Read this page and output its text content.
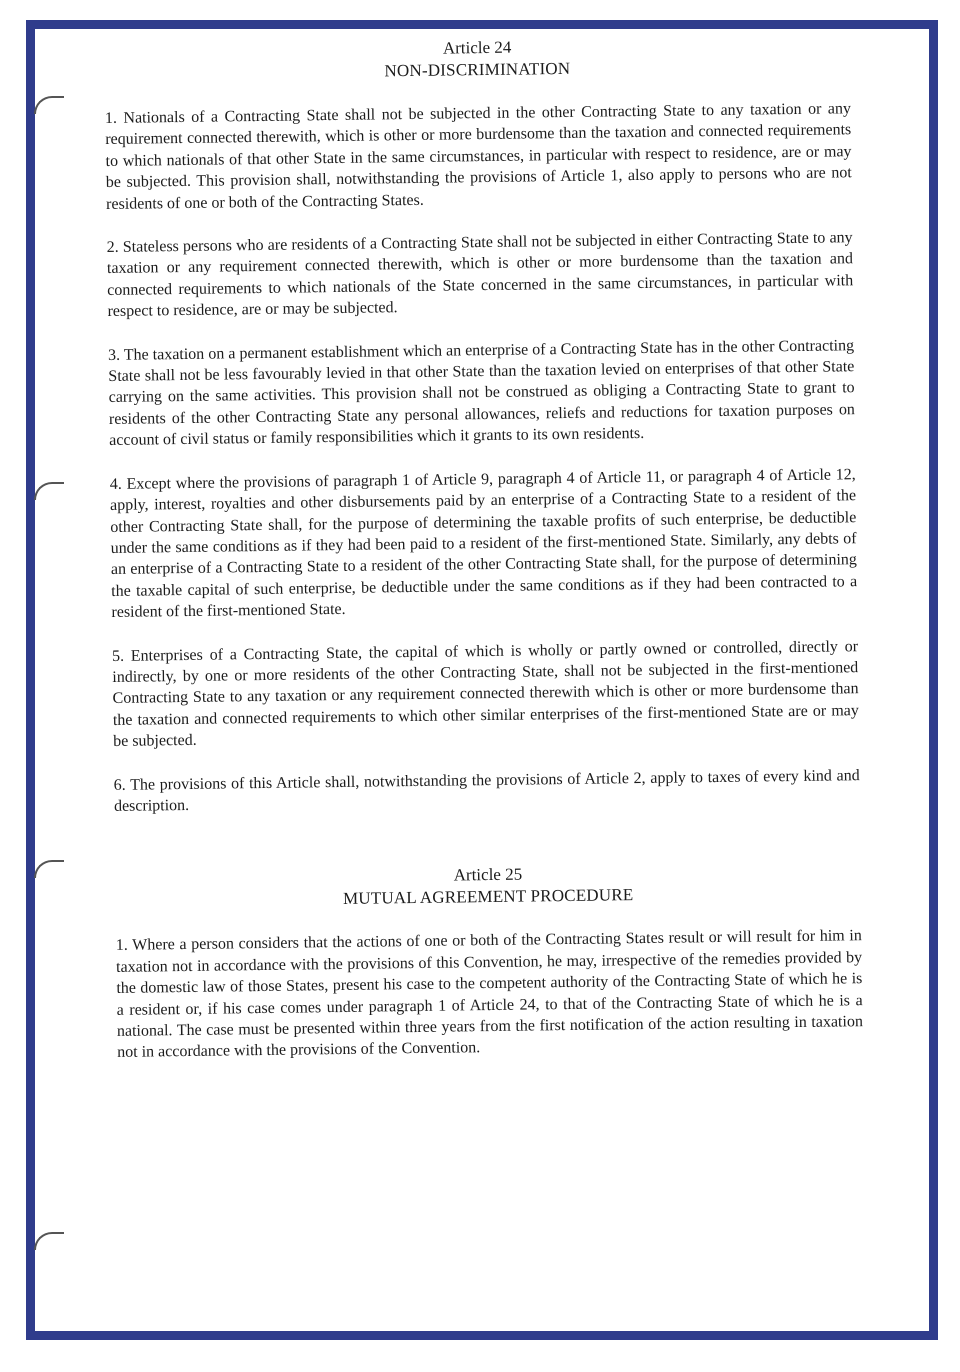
Article 24
NON-DISCRIMINATION

1. Nationals of a Contracting State shall not be subjected in the other Contracting State to any taxation or any requirement connected therewith, which is other or more burdensome than the taxation and connected requirements to which nationals of that other State in the same circumstances, in particular with respect to residence, are or may be subjected. This provision shall, notwithstanding the provisions of Article 1, also apply to persons who are not residents of one or both of the Contracting States.

2. Stateless persons who are residents of a Contracting State shall not be subjected in either Contracting State to any taxation or any requirement connected therewith, which is other or more burdensome than the taxation and connected requirements to which nationals of the State concerned in the same circumstances, in particular with respect to residence, are or may be subjected.

3. The taxation on a permanent establishment which an enterprise of a Contracting State has in the other Contracting State shall not be less favourably levied in that other State than the taxation levied on enterprises of that other State carrying on the same activities. This provision shall not be construed as obliging a Contracting State to grant to residents of the other Contracting State any personal allowances, reliefs and reductions for taxation purposes on account of civil status or family responsibilities which it grants to its own residents.

4. Except where the provisions of paragraph 1 of Article 9, paragraph 4 of Article 11, or paragraph 4 of Article 12, apply, interest, royalties and other disbursements paid by an enterprise of a Contracting State to a resident of the other Contracting State shall, for the purpose of determining the taxable profits of such enterprise, be deductible under the same conditions as if they had been paid to a resident of the first-mentioned State. Similarly, any debts of an enterprise of a Contracting State to a resident of the other Contracting State shall, for the purpose of determining the taxable capital of such enterprise, be deductible under the same conditions as if they had been contracted to a resident of the first-mentioned State.

5. Enterprises of a Contracting State, the capital of which is wholly or partly owned or controlled, directly or indirectly, by one or more residents of the other Contracting State, shall not be subjected in the first-mentioned Contracting State to any taxation or any requirement connected therewith which is other or more burdensome than the taxation and connected requirements to which other similar enterprises of the first-mentioned State are or may be subjected.

6. The provisions of this Article shall, notwithstanding the provisions of Article 2, apply to taxes of every kind and description.

Article 25
MUTUAL AGREEMENT PROCEDURE

1. Where a person considers that the actions of one or both of the Contracting States result or will result for him in taxation not in accordance with the provisions of this Convention, he may, irrespective of the remedies provided by the domestic law of those States, present his case to the competent authority of the Contracting State of which he is a resident or, if his case comes under paragraph 1 of Article 24, to that of the Contracting State of which he is a national. The case must be presented within three years from the first notification of the action resulting in taxation not in accordance with the provisions of the Convention.
